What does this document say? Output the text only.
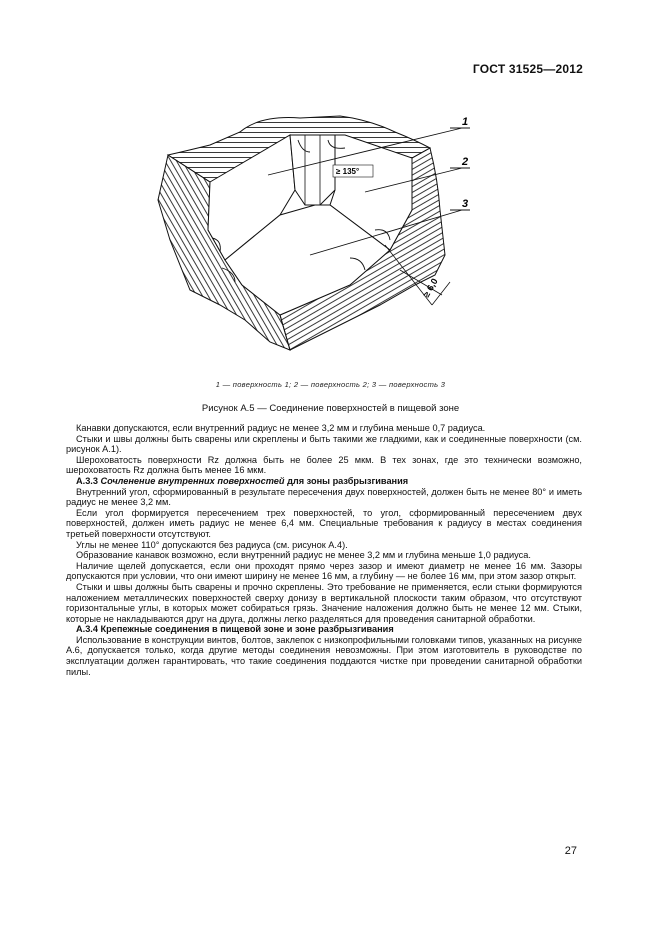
ГОСТ 31525—2012
1
2
3
≥ 135°
≥ 6,0
1 — поверхность 1; 2 — поверхность 2; 3 — поверхность 3
Рисунок А.5 — Соединение поверхностей в пищевой зоне

Канавки допускаются, если внутренний радиус не менее 3,2 мм и глубина меньше 0,7 радиуса.

Стыки и швы должны быть сварены или скреплены и быть такими же гладкими, как и соединенные поверхности (см. рисунок А.1).

Шероховатость поверхности Rz должна быть не более 25 мкм. В тех зонах, где это технически возможно, шероховатость Rz должна быть менее 16 мкм.

А.3.3 Сочленение внутренних поверхностей для зоны разбрызгивания

Внутренний угол, сформированный в результате пересечения двух поверхностей, должен быть не менее 80° и иметь радиус не менее 3,2 мм.

Если угол формируется пересечением трех поверхностей, то угол, сформированный пересечением двух поверхностей, должен иметь радиус не менее 6,4 мм. Специальные требования к радиусу в местах соединения третьей поверхности отсутствуют.

Углы не менее 110° допускаются без радиуса (см. рисунок А.4).

Образование канавок возможно, если внутренний радиус не менее 3,2 мм и глубина меньше 1,0 радиуса.

Наличие щелей допускается, если они проходят прямо через зазор и имеют диаметр не менее 16 мм. Зазоры допускаются при условии, что они имеют ширину не менее 16 мм, а глубину — не более 16 мм, при этом зазор открыт.

Стыки и швы должны быть сварены и прочно скреплены. Это требование не применяется, если стыки формируются наложением металлических поверхностей сверху донизу в вертикальной плоскости таким образом, что отсутствуют горизонтальные углы, в которых может собираться грязь. Значение наложения должно быть не менее 12 мм. Стыки, которые не накладываются друг на друга, должны легко разделяться для проведения санитарной обработки.

А.3.4 Крепежные соединения в пищевой зоне и зоне разбрызгивания

Использование в конструкции винтов, болтов, заклепок с низкопрофильными головками типов, указанных на рисунке А.6, допускается только, когда другие методы соединения невозможны. При этом изготовитель в руководстве по эксплуатации должен гарантировать, что такие соединения поддаются чистке при проведении санитарной обработки пилы.

27
